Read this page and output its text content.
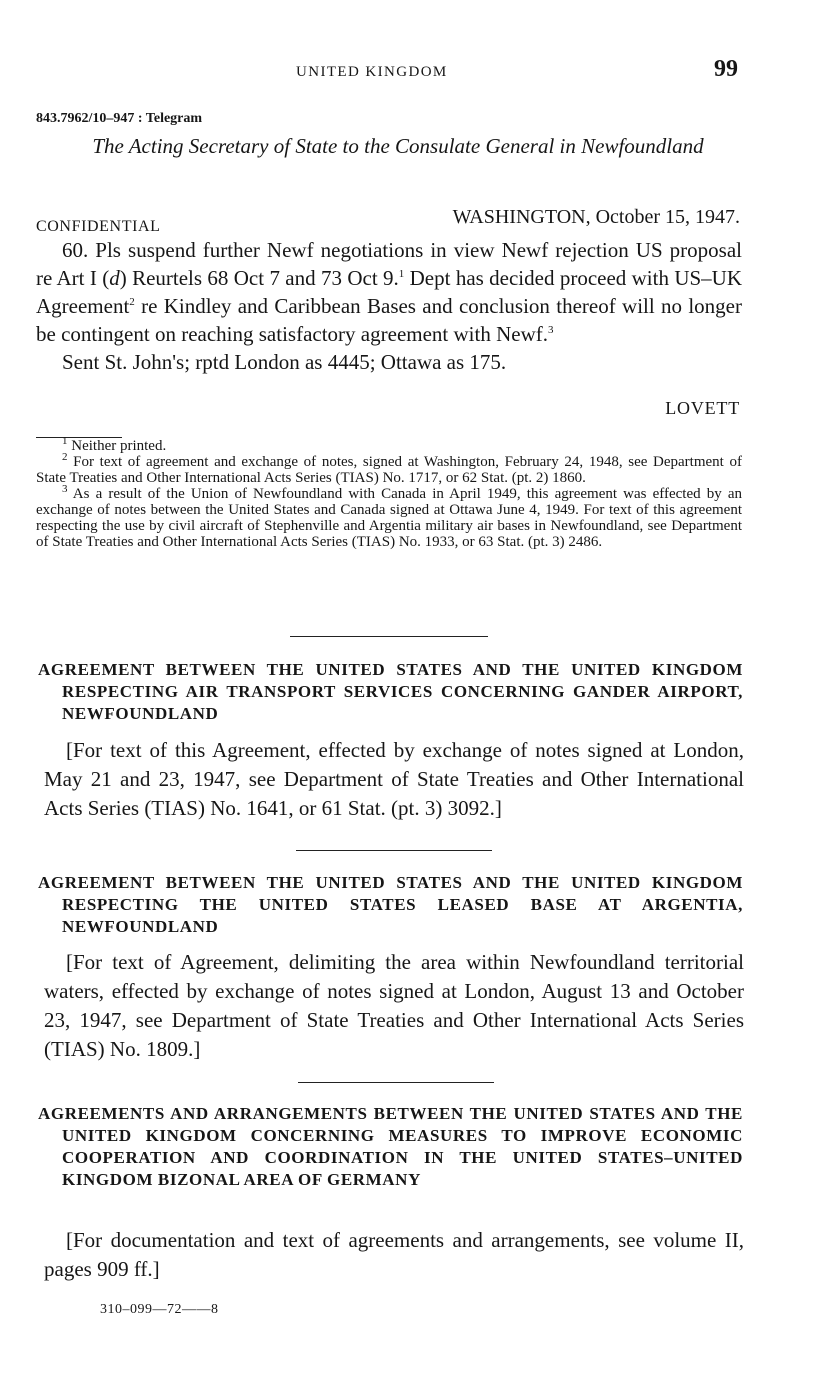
UNITED KINGDOM	99
843.7962/10–947 : Telegram
The Acting Secretary of State to the Consulate General in Newfoundland
CONFIDENTIAL	WASHINGTON, October 15, 1947.

60. Pls suspend further Newf negotiations in view Newf rejection US proposal re Art I (d) Reurtels 68 Oct 7 and 73 Oct 9.$^1$ Dept has decided proceed with US–UK Agreement$^2$ re Kindley and Caribbean Bases and conclusion thereof will no longer be contingent on reaching satisfactory agreement with Newf.$^3$

Sent St. John's; rptd London as 4445; Ottawa as 175.

LOVETT

$^1$ Neither printed.

$^2$ For text of agreement and exchange of notes, signed at Washington, February 24, 1948, see Department of State Treaties and Other International Acts Series (TIAS) No. 1717, or 62 Stat. (pt. 2) 1860.

$^3$ As a result of the Union of Newfoundland with Canada in April 1949, this agreement was effected by an exchange of notes between the United States and Canada signed at Ottawa June 4, 1949. For text of this agreement respecting the use by civil aircraft of Stephenville and Argentia military air bases in Newfoundland, see Department of State Treaties and Other International Acts Series (TIAS) No. 1933, or 63 Stat. (pt. 3) 2486.

AGREEMENT BETWEEN THE UNITED STATES AND THE UNITED KINGDOM RESPECTING AIR TRANSPORT SERVICES CONCERNING GANDER AIRPORT, NEWFOUNDLAND

[For text of this Agreement, effected by exchange of notes signed at London, May 21 and 23, 1947, see Department of State Treaties and Other International Acts Series (TIAS) No. 1641, or 61 Stat. (pt. 3) 3092.]

AGREEMENT BETWEEN THE UNITED STATES AND THE UNITED KINGDOM RESPECTING THE UNITED STATES LEASED BASE AT ARGENTIA, NEWFOUNDLAND

[For text of Agreement, delimiting the area within Newfoundland territorial waters, effected by exchange of notes signed at London, August 13 and October 23, 1947, see Department of State Treaties and Other International Acts Series (TIAS) No. 1809.]

AGREEMENTS AND ARRANGEMENTS BETWEEN THE UNITED STATES AND THE UNITED KINGDOM CONCERNING MEASURES TO IMPROVE ECONOMIC COOPERATION AND COORDINATION IN THE UNITED STATES–UNITED KINGDOM BIZONAL AREA OF GERMANY

[For documentation and text of agreements and arrangements, see volume II, pages 909 ff.]

310–099—72——8
